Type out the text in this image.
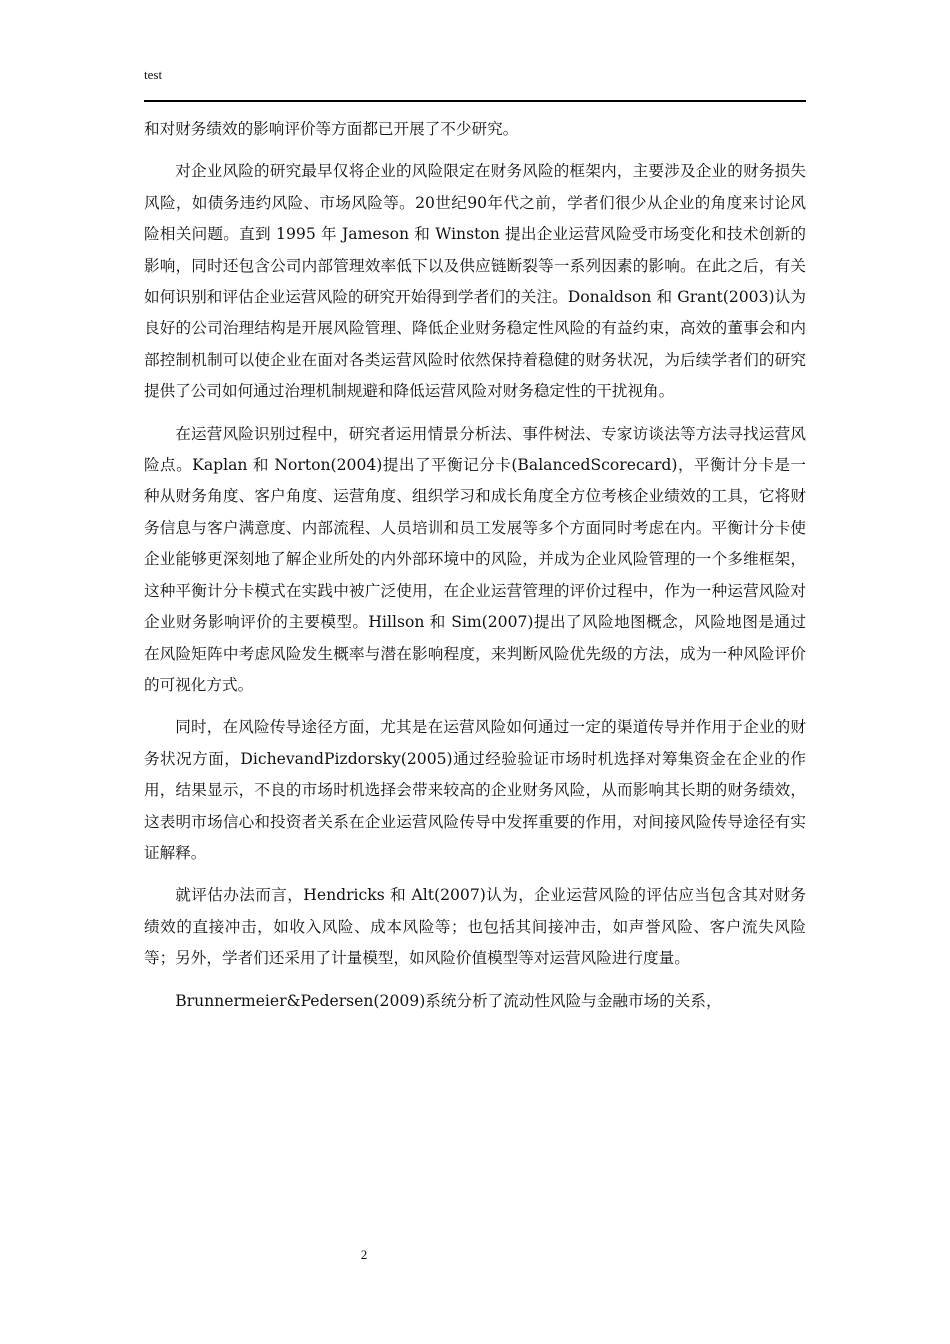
test

和对财务绩效的影响评价等方面都已开展了不少研究。

对企业风险的研究最早仅将企业的风险限定在财务风险的框架内，主要涉及企业的财务损失风险，如债务违约风险、市场风险等。20世纪90年代之前，学者们很少从企业的角度来讨论风险相关问题。直到 1995 年 Jameson 和 Winston 提出企业运营风险受市场变化和技术创新的影响，同时还包含公司内部管理效率低下以及供应链断裂等一系列因素的影响。在此之后，有关如何识别和评估企业运营风险的研究开始得到学者们的关注。Donaldson 和 Grant(2003)认为良好的公司治理结构是开展风险管理、降低企业财务稳定性风险的有益约束，高效的董事会和内部控制机制可以使企业在面对各类运营风险时依然保持着稳健的财务状况，为后续学者们的研究提供了公司如何通过治理机制规避和降低运营风险对财务稳定性的干扰视角。

在运营风险识别过程中，研究者运用情景分析法、事件树法、专家访谈法等方法寻找运营风险点。Kaplan 和 Norton(2004)提出了平衡记分卡(BalancedScorecard)，平衡计分卡是一种从财务角度、客户角度、运营角度、组织学习和成长角度全方位考核企业绩效的工具，它将财务信息与客户满意度、内部流程、人员培训和员工发展等多个方面同时考虑在内。平衡计分卡使企业能够更深刻地了解企业所处的内外部环境中的风险，并成为企业风险管理的一个多维框架，这种平衡计分卡模式在实践中被广泛使用，在企业运营管理的评价过程中，作为一种运营风险对企业财务影响评价的主要模型。Hillson 和 Sim(2007)提出了风险地图概念，风险地图是通过在风险矩阵中考虑风险发生概率与潜在影响程度，来判断风险优先级的方法，成为一种风险评价的可视化方式。

同时，在风险传导途径方面，尤其是在运营风险如何通过一定的渠道传导并作用于企业的财务状况方面，DichevandPizdorsky(2005)通过经验验证市场时机选择对筹集资金在企业的作用，结果显示，不良的市场时机选择会带来较高的企业财务风险，从而影响其长期的财务绩效，这表明市场信心和投资者关系在企业运营风险传导中发挥重要的作用，对间接风险传导途径有实证解释。

就评估办法而言，Hendricks 和 Alt(2007)认为，企业运营风险的评估应当包含其对财务绩效的直接冲击，如收入风险、成本风险等；也包括其间接冲击，如声誉风险、客户流失风险等；另外，学者们还采用了计量模型，如风险价值模型等对运营风险进行度量。

Brunnermeier&Pedersen(2009)系统分析了流动性风险与金融市场的关系，

2
